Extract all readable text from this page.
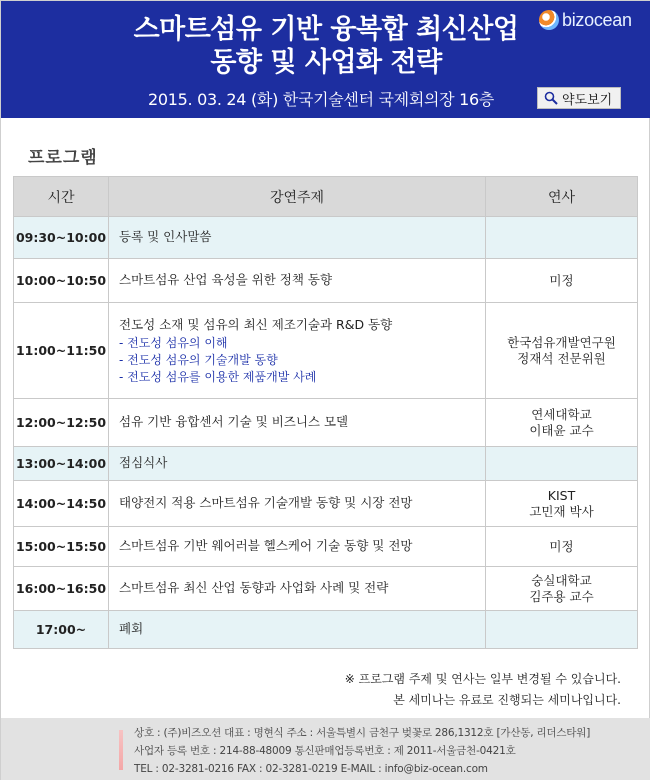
스마트섬유 기반 융복합 최신산업
동향 및 사업화 전략
bizocean
2015. 03. 24 (화) 한국기술센터 국제회의장 16층	약도보기
프로그램
시간	강연주제	연사
09:30~10:00	등록 및 인사말씀	

10:00~10:50	스마트섬유 산업 육성을 위한 정책 동향	미정

11:00~11:50	전도성 소재 및 섬유의 최신 제조기술과 R&D 동향
- 전도성 섬유의 이해
- 전도성 섬유의 기술개발 동향
- 전도성 섬유를 이용한 제품개발 사례	한국섬유개발연구원
정재석 전문위원

12:00~12:50	섬유 기반 융합센서 기술 및 비즈니스 모델	연세대학교
이태윤 교수

13:00~14:00	점심식사	

14:00~14:50	태양전지 적용 스마트섬유 기술개발 동향 및 시장 전망	KIST
고민재 박사

15:00~15:50	스마트섬유 기반 웨어러블 헬스케어 기술 동향 및 전망	미정

16:00~16:50	스마트섬유 최신 산업 동향과 사업화 사례 및 전략	숭실대학교
김주용 교수

17:00~	폐회	

※ 프로그램 주제 및 연사는 일부 변경될 수 있습니다.
본 세미나는 유료로 진행되는 세미나입니다.
상호 : (주)비즈오션 대표 : 명현식 주소 : 서울특별시 금천구 벚꽃로 286,1312호 [가산동, 리더스타워]
사업자 등록 번호 : 214-88-48009 통신판매업등록번호 : 제 2011-서울금천-0421호
TEL : 02-3281-0216 FAX : 02-3281-0219 E-MAIL : info@biz-ocean.com
